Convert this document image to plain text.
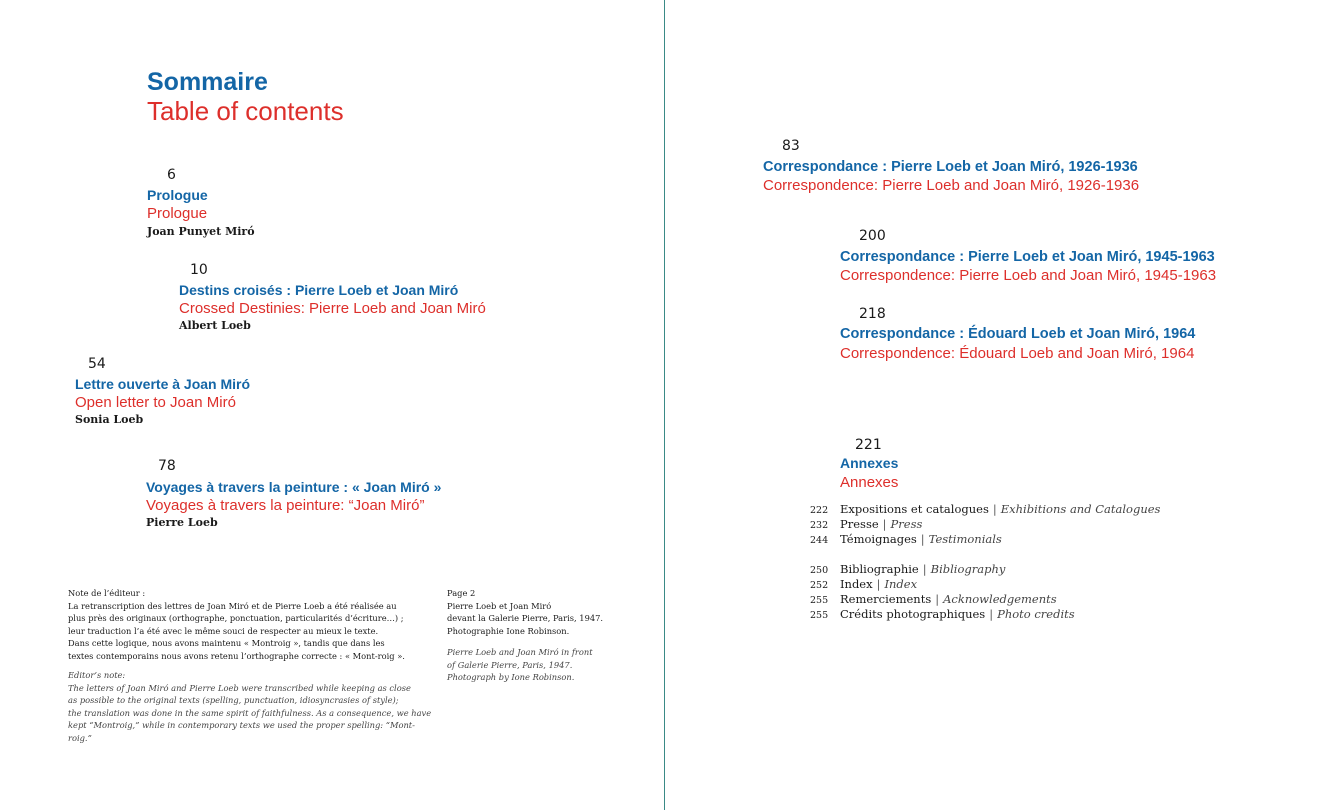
Sommaire
Table of contents
6
Prologue
Prologue
Joan Punyet Miró
10
Destins croisés : Pierre Loeb et Joan Miró
Crossed Destinies: Pierre Loeb and Joan Miró
Albert Loeb
54
Lettre ouverte à Joan Miró
Open letter to Joan Miró
Sonia Loeb
78
Voyages à travers la peinture : « Joan Miró »
Voyages à travers la peinture: “Joan Miró”
Pierre Loeb
83
Correspondance : Pierre Loeb et Joan Miró, 1926-1936
Correspondence: Pierre Loeb and Joan Miró, 1926-1936
200
Correspondance : Pierre Loeb et Joan Miró, 1945-1963
Correspondence: Pierre Loeb and Joan Miró, 1945-1963
218
Correspondance : Édouard Loeb et Joan Miró, 1964
Correspondence: Édouard Loeb and Joan Miró, 1964
221
Annexes
Annexes
222 Expositions et catalogues | Exhibitions and Catalogues
232 Presse | Press
244 Témoignages | Testimonials
250 Bibliographie | Bibliography
252 Index | Index
255 Remerciements | Acknowledgements
255 Crédits photographiques | Photo credits

Note de l’éditeur :

La retranscription des lettres de Joan Miró et de Pierre Loeb a été réalisée au

plus près des originaux (orthographe, ponctuation, particularités d’écriture…) ;

leur traduction l’a été avec le même souci de respecter au mieux le texte.

Dans cette logique, nous avons maintenu « Montroig », tandis que dans les

textes contemporains nous avons retenu l’orthographe correcte : « Mont-roig ».

Editor’s note:

The letters of Joan Miró and Pierre Loeb were transcribed while keeping as close

as possible to the original texts (spelling, punctuation, idiosyncrasies of style);

the translation was done in the same spirit of faithfulness. As a consequence, we have

kept “Montroig,” while in contemporary texts we used the proper spelling: “Mont-roig.”

Page 2

Pierre Loeb et Joan Miró

devant la Galerie Pierre, Paris, 1947.

Photographie Ione Robinson.

Pierre Loeb and Joan Miró in front

of Galerie Pierre, Paris, 1947.

Photograph by Ione Robinson.
